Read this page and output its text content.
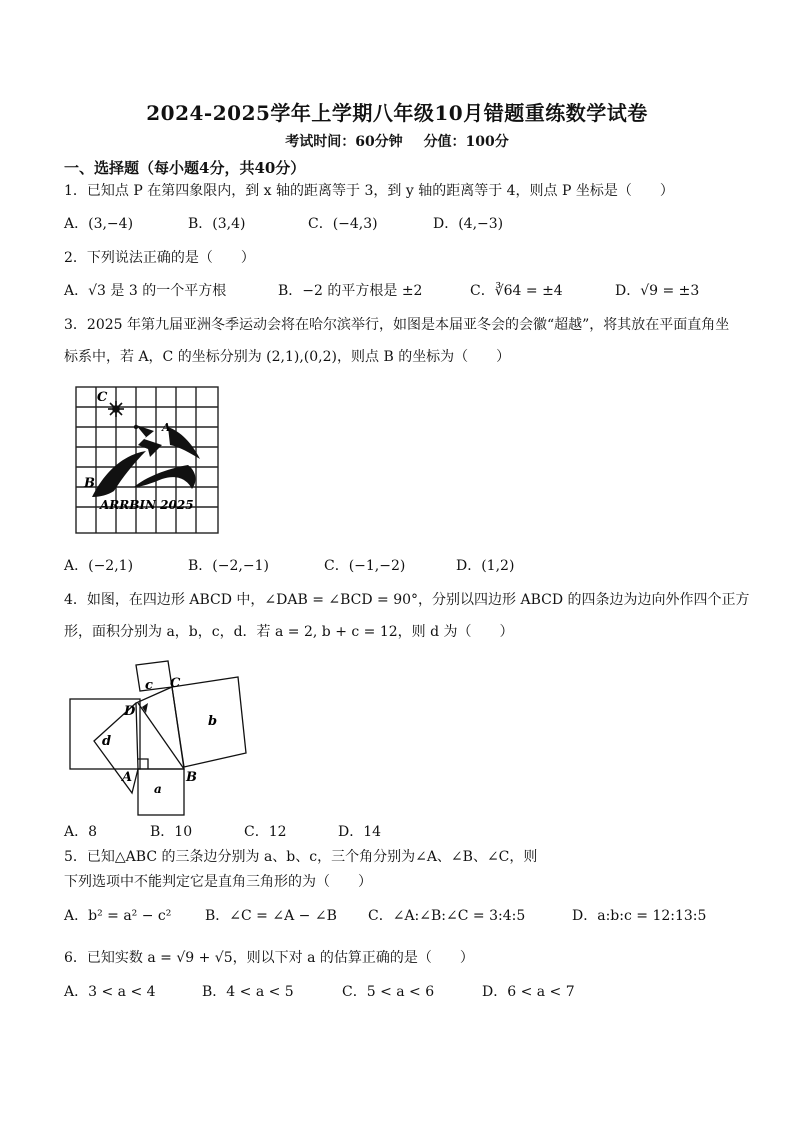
2024-2025学年上学期八年级10月错题重练数学试卷
考试时间：60分钟 分值：100分
一、选择题（每小题4分，共40分）
1．已知点 P 在第四象限内，到 x 轴的距离等于 3，到 y 轴的距离等于 4，则点 P 坐标是（　　）
A．(3,−4)	B．(3,4)	C．(−4,3)	D．(4,−3)
2．下列说法正确的是（　　）
A．√3 是 3 的一个平方根	B．−2 的平方根是 ±2	C．∛64 = ±4	D．√9 = ±3
3．2025 年第九届亚洲冬季运动会将在哈尔滨举行，如图是本届亚冬会的会徽“超越”，将其放在平面直角坐
标系中，若 A，C 的坐标分别为 (2,1),(0,2)，则点 B 的坐标为（　　）
C
A
B
ARRBIN 2025
A．(−2,1)	B．(−2,−1)	C．(−1,−2)	D．(1,2)
4．如图，在四边形 ABCD 中，∠DAB = ∠BCD = 90°，分别以四边形 ABCD 的四条边为边向外作四个正方
形，面积分别为 a，b，c，d．若 a = 2, b + c = 12，则 d 为（　　）
c C
D
b
d
A	B
a
A．8	B．10	C．12	D．14
5．已知△ABC 的三条边分别为 a、b、c，三个角分别为∠A、∠B、∠C，则
下列选项中不能判定它是直角三角形的为（　　）
A．b² = a² − c² B．∠C = ∠A − ∠B C．∠A:∠B:∠C = 3:4:5	D．a:b:c = 12:13:5
6．已知实数 a = √9 + √5，则以下对 a 的估算正确的是（　　）
A．3 < a < 4	B．4 < a < 5	C．5 < a < 6	D．6 < a < 7
